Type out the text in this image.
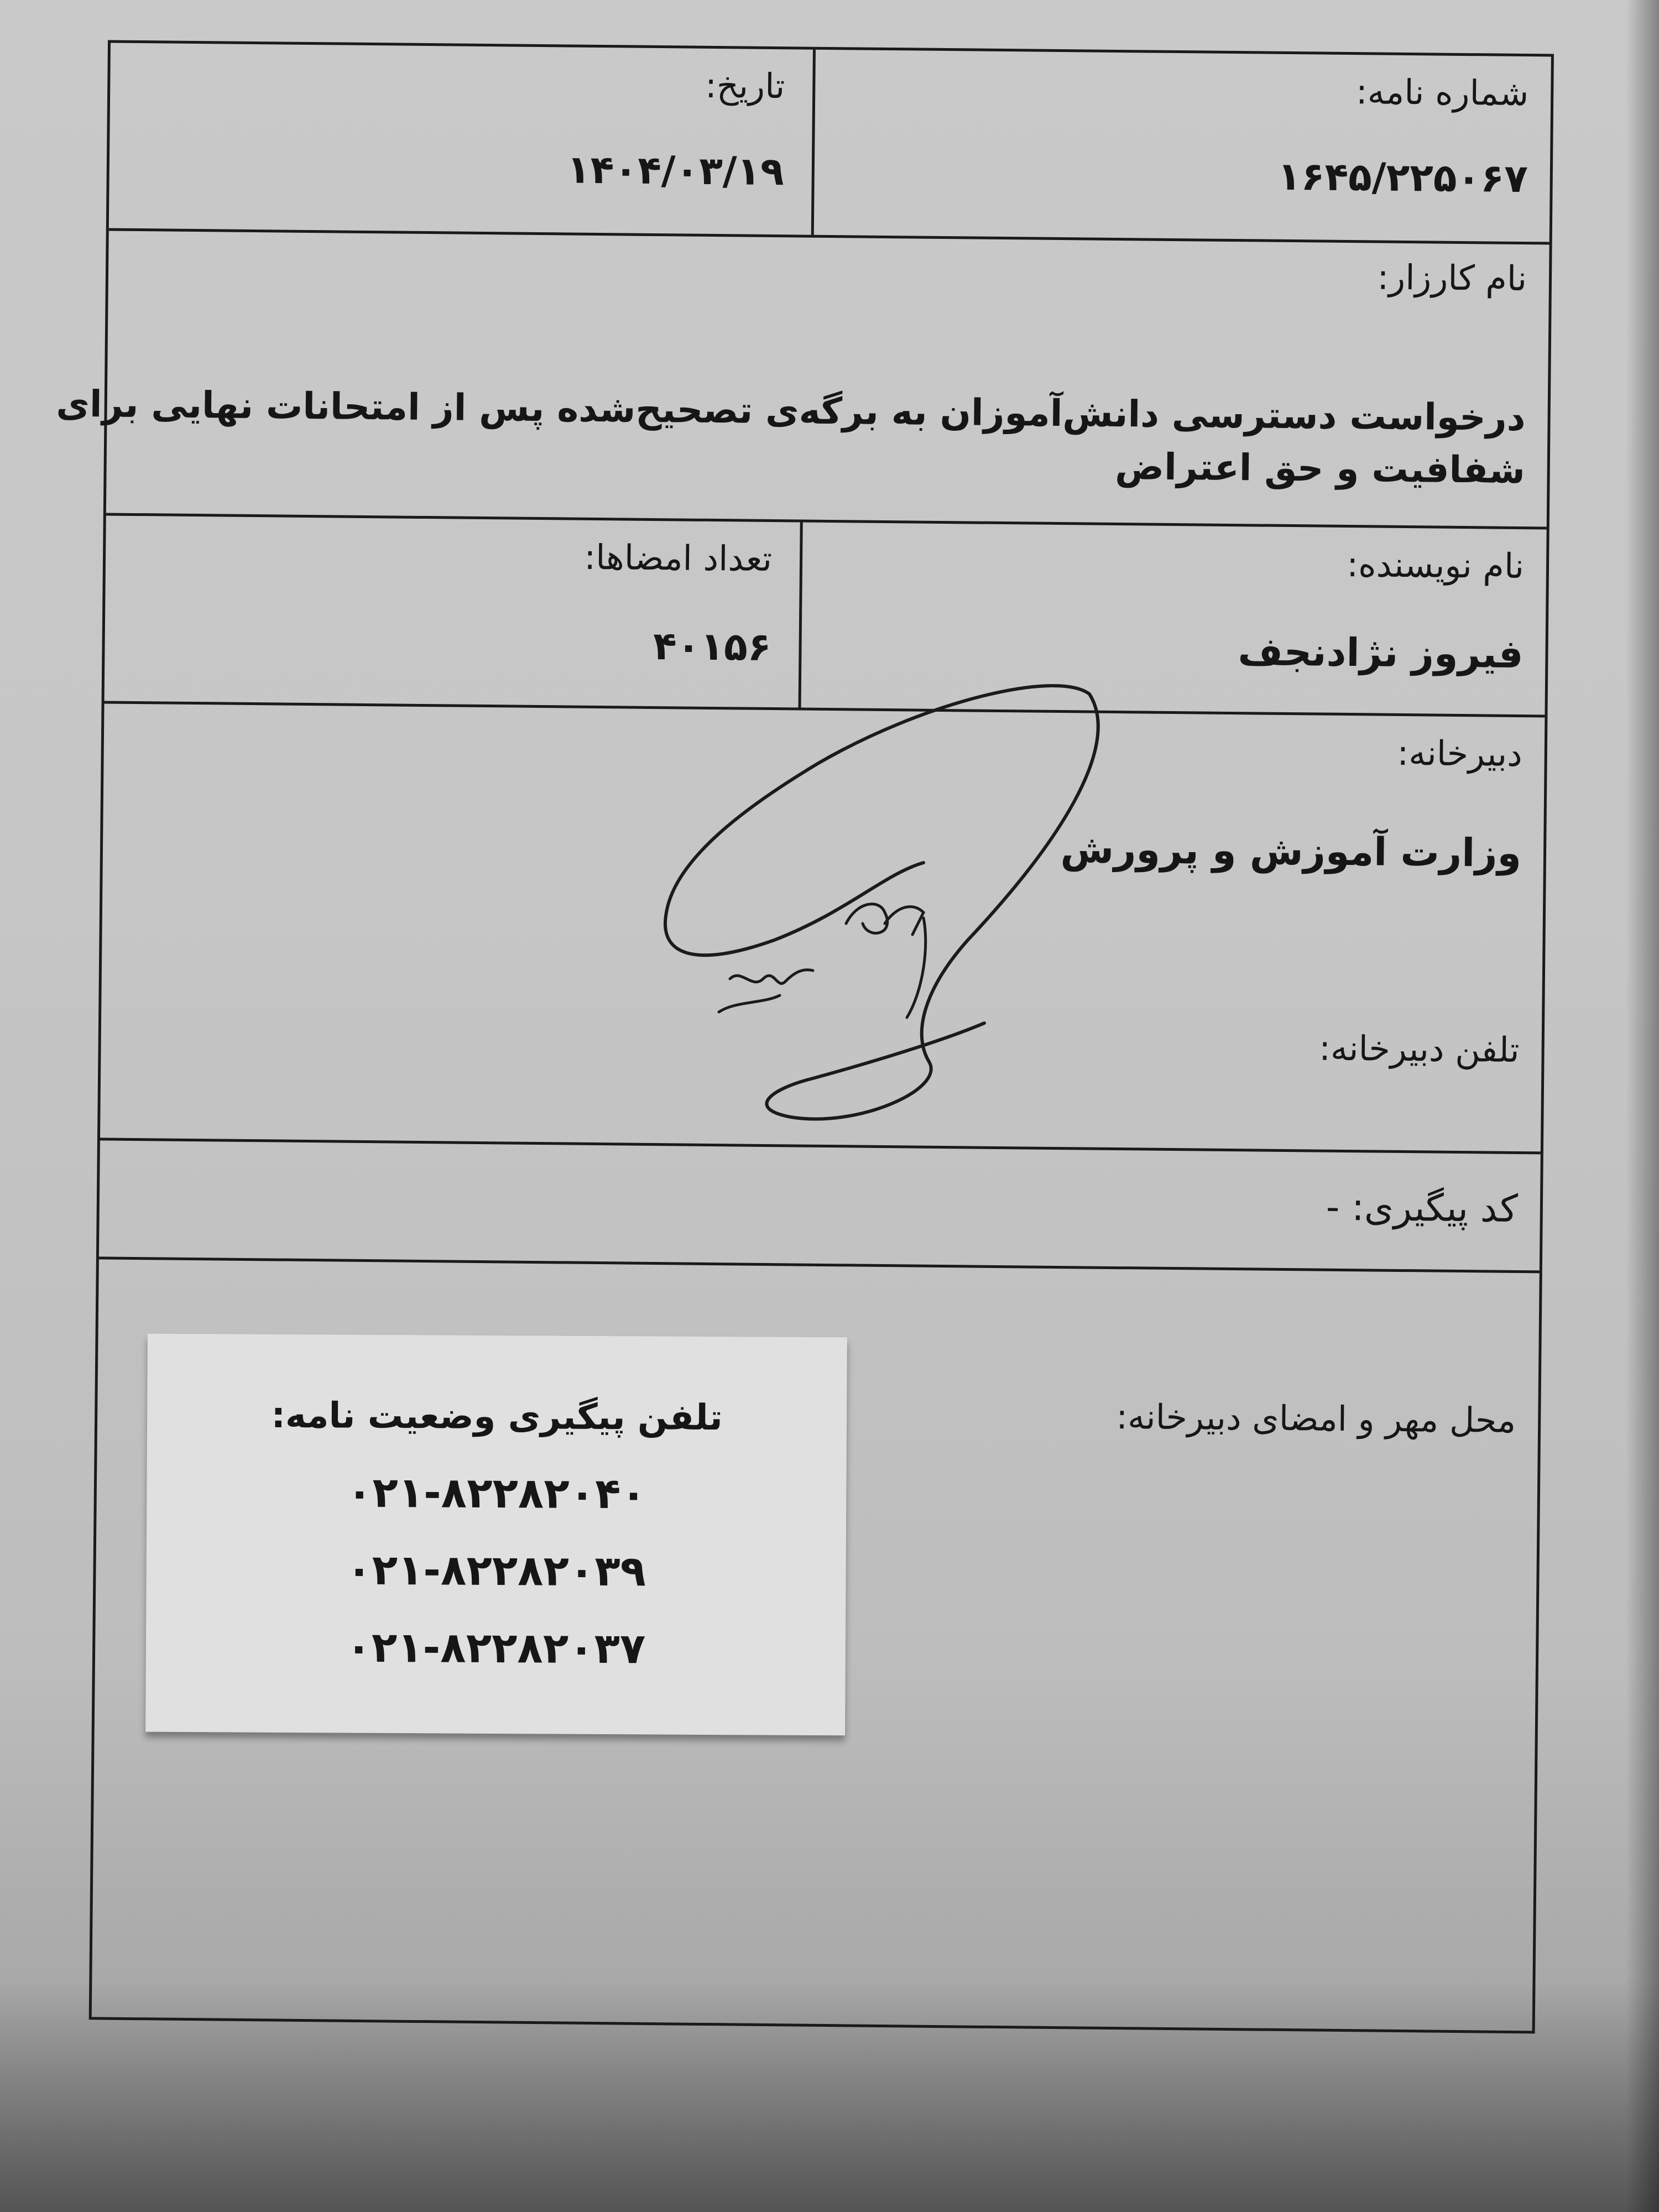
شماره نامه:
۱۶۴۵/۲۲۵۰۶۷
تاریخ:
۱۴۰۴/۰۳/۱۹
نام کارزار:
درخواست دسترسی دانش‌آموزان به برگه‌ی تصحیح‌شده پس از امتحانات نهایی برای
شفافیت و حق اعتراض
نام نویسنده:
فیروز نژادنجف
تعداد امضاها:
۴۰۱۵۶
دبیرخانه:
وزارت آموزش و پرورش
تلفن دبیرخانه:
کد پیگیری: -
محل مهر و امضای دبیرخانه:
تلفن پیگیری وضعیت نامه:
۰۲۱-۸۲۲۸۲۰۴۰
۰۲۱-۸۲۲۸۲۰۳۹
۰۲۱-۸۲۲۸۲۰۳۷
